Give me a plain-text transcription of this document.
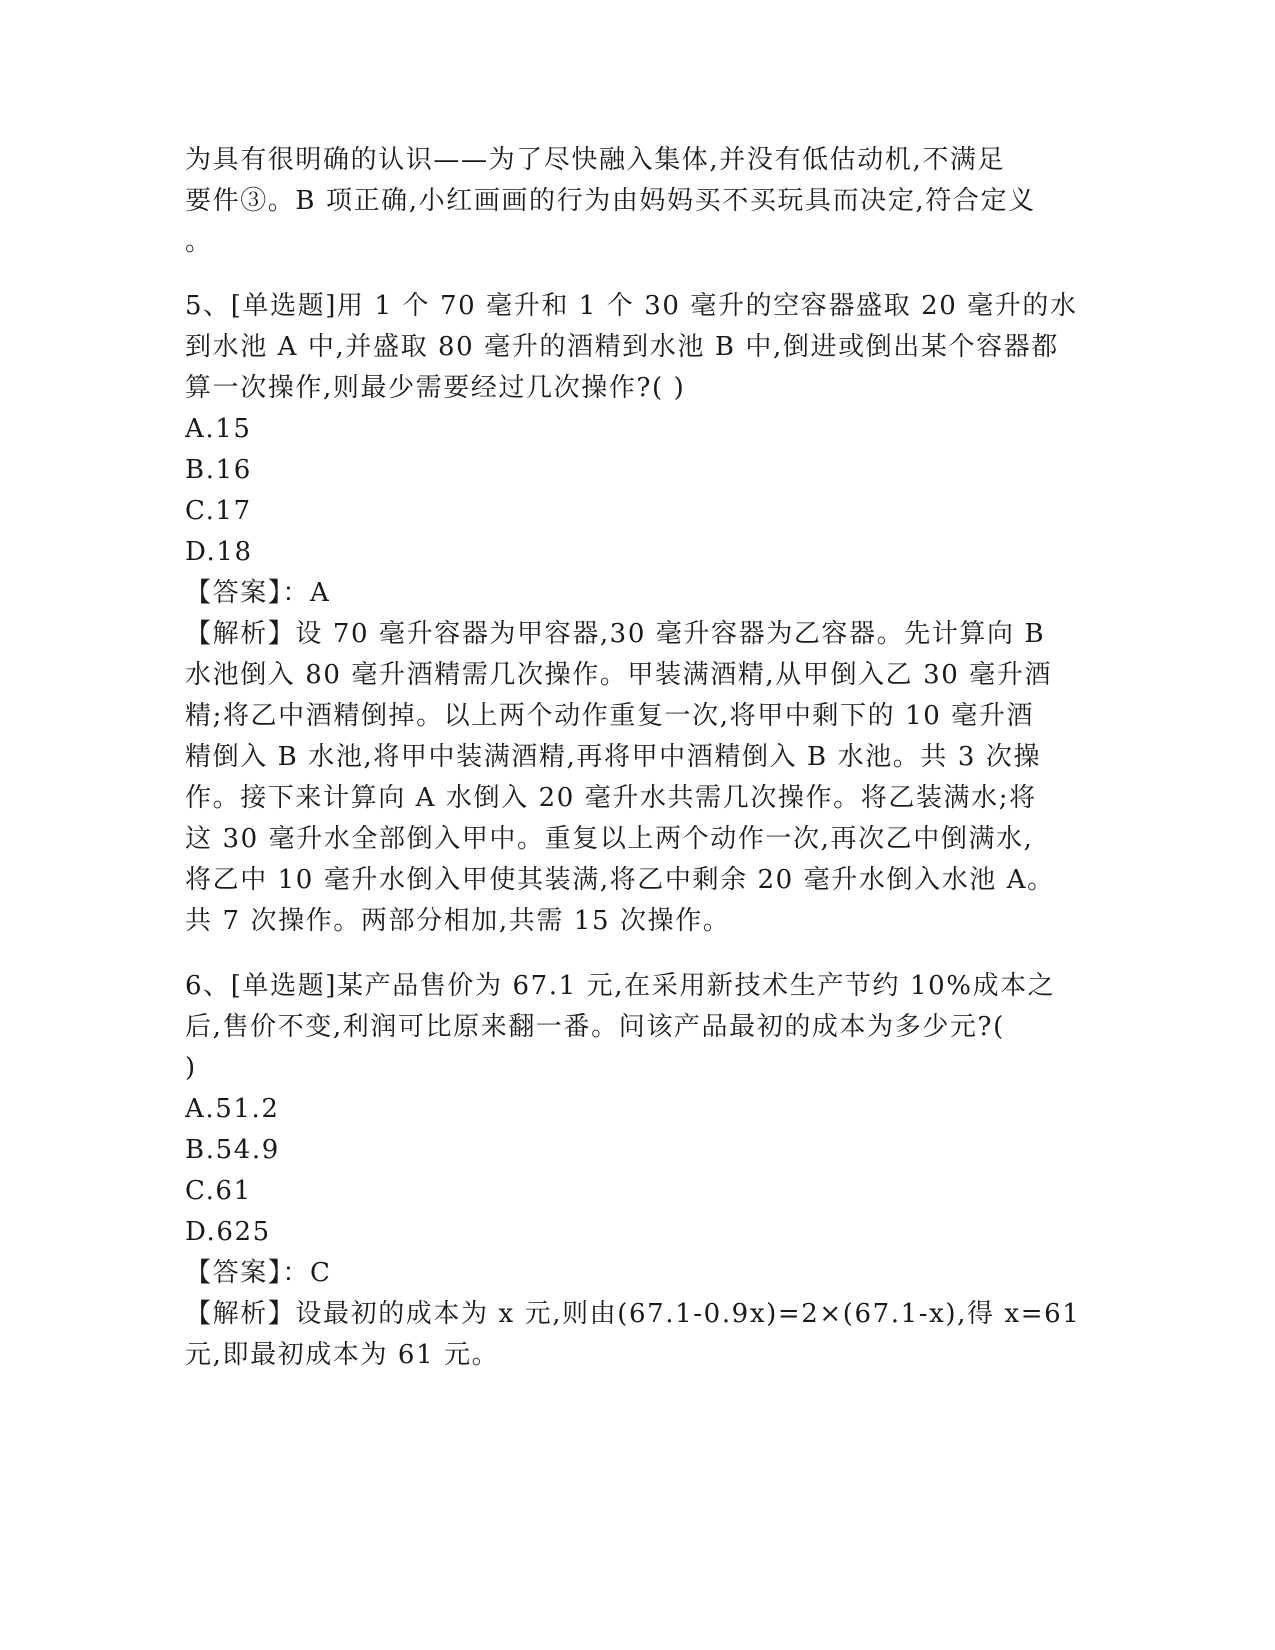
为具有很明确的认识——为了尽快融入集体,并没有低估动机,不满足
要件③。B 项正确,小红画画的行为由妈妈买不买玩具而决定,符合定义
。
5、[单选题]用 1 个 70 毫升和 1 个 30 毫升的空容器盛取 20 毫升的水
到水池 A 中,并盛取 80 毫升的酒精到水池 B 中,倒进或倒出某个容器都
算一次操作,则最少需要经过几次操作?( )
A.15
B.16
C.17
D.18
【答案】：A
【解析】设 70 毫升容器为甲容器,30 毫升容器为乙容器。先计算向 B
水池倒入 80 毫升酒精需几次操作。甲装满酒精,从甲倒入乙 30 毫升酒
精;将乙中酒精倒掉。以上两个动作重复一次,将甲中剩下的 10 毫升酒
精倒入 B 水池,将甲中装满酒精,再将甲中酒精倒入 B 水池。共 3 次操
作。接下来计算向 A 水倒入 20 毫升水共需几次操作。将乙装满水;将
这 30 毫升水全部倒入甲中。重复以上两个动作一次,再次乙中倒满水,
将乙中 10 毫升水倒入甲使其装满,将乙中剩余 20 毫升水倒入水池 A。
共 7 次操作。两部分相加,共需 15 次操作。
6、[单选题]某产品售价为 67.1 元,在采用新技术生产节约 10%成本之
后,售价不变,利润可比原来翻一番。问该产品最初的成本为多少元?(
)
A.51.2
B.54.9
C.61
D.625
【答案】：C
【解析】设最初的成本为 x 元,则由(67.1-0.9x)=2×(67.1-x),得 x=61
元,即最初成本为 61 元。
